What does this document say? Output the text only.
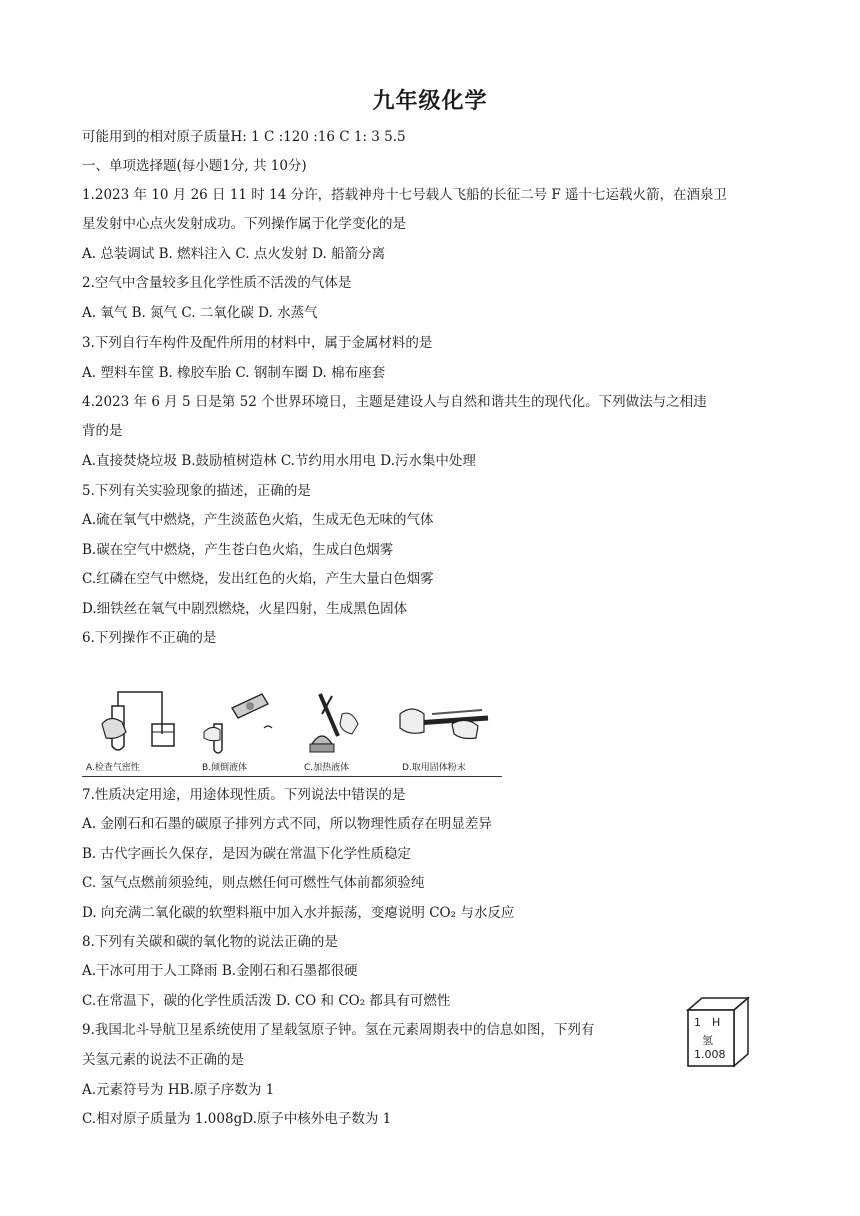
九年级化学
可能用到的相对原子质量H: 1 C :120 :16 C 1: 3 5.5
一、单项选择题(每小题1分, 共 10分)
1.2023 年 10 月 26 日 11 时 14 分许，搭载神舟十七号载人飞船的长征二号 F 遥十七运载火箭，在酒泉卫
星发射中心点火发射成功。下列操作属于化学变化的是
A. 总装调试 B. 燃料注入 C. 点火发射 D. 船箭分离
2.空气中含量较多且化学性质不活泼的气体是
A. 氧气 B. 氮气 C. 二氧化碳 D. 水蒸气
3.下列自行车构件及配件所用的材料中，属于金属材料的是
A. 塑料车筐 B. 橡胶车胎 C. 钢制车圈 D. 棉布座套
4.2023 年 6 月 5 日是第 52 个世界环境日，主题是建设人与自然和谐共生的现代化。下列做法与之相违
背的是
A.直接焚烧垃圾 B.鼓励植树造林 C.节约用水用电 D.污水集中处理
5.下列有关实验现象的描述，正确的是
A.硫在氧气中燃烧，产生淡蓝色火焰，生成无色无味的气体
B.碳在空气中燃烧，产生苍白色火焰，生成白色烟雾
C.红磷在空气中燃烧，发出红色的火焰，产生大量白色烟雾
D.细铁丝在氧气中剧烈燃烧，火星四射，生成黑色固体
6.下列操作不正确的是
A.检查气密性	B.倾倒液体	C.加热液体	D.取用固体粉末
7.性质决定用途，用途体现性质。下列说法中错误的是
A. 金刚石和石墨的碳原子排列方式不同，所以物理性质存在明显差异
B. 古代字画长久保存，是因为碳在常温下化学性质稳定
C. 氢气点燃前须验纯，则点燃任何可燃性气体前都须验纯
D. 向充满二氧化碳的软塑料瓶中加入水并振荡，变瘪说明 CO₂ 与水反应
8.下列有关碳和碳的氧化物的说法正确的是
A.干冰可用于人工降雨 B.金刚石和石墨都很硬
C.在常温下，碳的化学性质活泼 D. CO 和 CO₂ 都具有可燃性
9.我国北斗导航卫星系统使用了星载氢原子钟。氢在元素周期表中的信息如图，下列有
关氢元素的说法不正确的是
A.元素符号为 HB.原子序数为 1
C.相对原子质量为 1.008gD.原子中核外电子数为 1
1 H
氢
1.008
